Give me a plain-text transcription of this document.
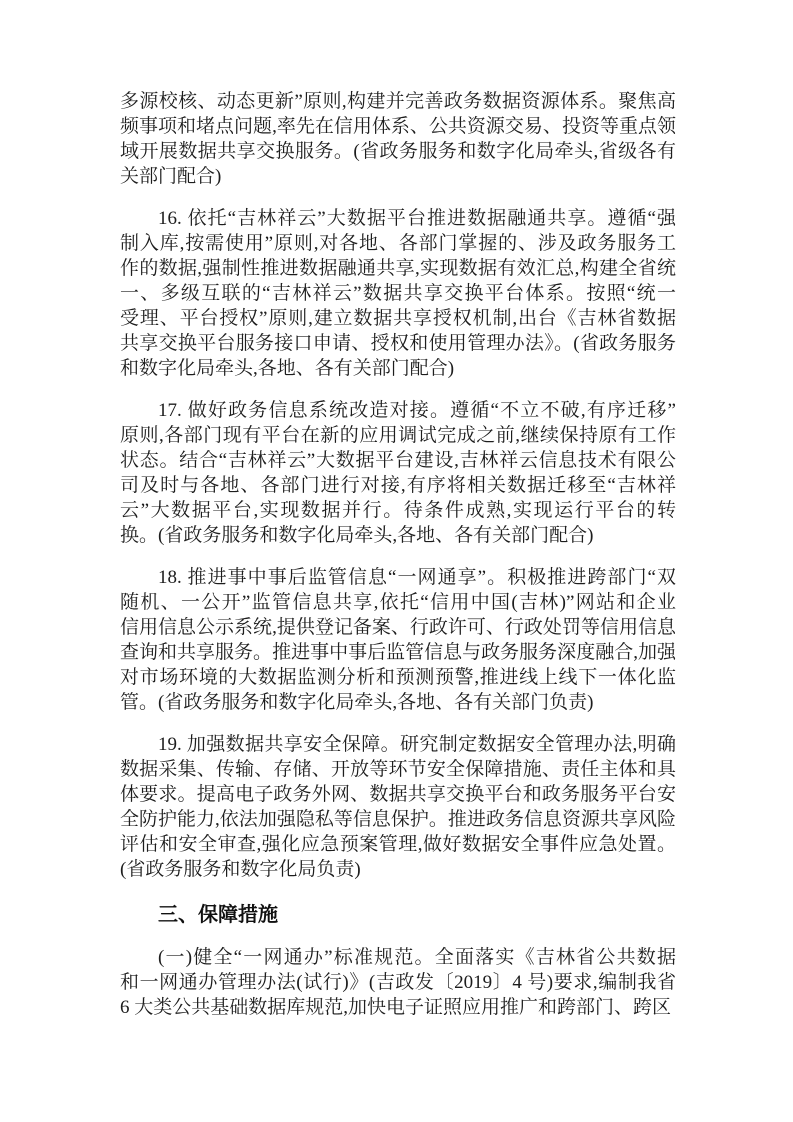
多源校核、动态更新”原则,构建并完善政务数据资源体系。聚焦高
频事项和堵点问题,率先在信用体系、公共资源交易、投资等重点领
域开展数据共享交换服务。(省政务服务和数字化局牵头,省级各有
关部门配合)
16. 依托“吉林祥云”大数据平台推进数据融通共享。遵循“强
制入库,按需使用”原则,对各地、各部门掌握的、涉及政务服务工
作的数据,强制性推进数据融通共享,实现数据有效汇总,构建全省统
一、多级互联的“吉林祥云”数据共享交换平台体系。按照“统一
受理、平台授权”原则,建立数据共享授权机制,出台《吉林省数据
共享交换平台服务接口申请、授权和使用管理办法》。(省政务服务
和数字化局牵头,各地、各有关部门配合)
17. 做好政务信息系统改造对接。遵循“不立不破,有序迁移”
原则,各部门现有平台在新的应用调试完成之前,继续保持原有工作
状态。结合“吉林祥云”大数据平台建设,吉林祥云信息技术有限公
司及时与各地、各部门进行对接,有序将相关数据迁移至“吉林祥
云”大数据平台,实现数据并行。待条件成熟,实现运行平台的转
换。(省政务服务和数字化局牵头,各地、各有关部门配合)
18. 推进事中事后监管信息“一网通享”。积极推进跨部门“双
随机、一公开”监管信息共享,依托“信用中国(吉林)”网站和企业
信用信息公示系统,提供登记备案、行政许可、行政处罚等信用信息
查询和共享服务。推进事中事后监管信息与政务服务深度融合,加强
对市场环境的大数据监测分析和预测预警,推进线上线下一体化监
管。(省政务服务和数字化局牵头,各地、各有关部门负责)
19. 加强数据共享安全保障。研究制定数据安全管理办法,明确
数据采集、传输、存储、开放等环节安全保障措施、责任主体和具
体要求。提高电子政务外网、数据共享交换平台和政务服务平台安
全防护能力,依法加强隐私等信息保护。推进政务信息资源共享风险
评估和安全审查,强化应急预案管理,做好数据安全事件应急处置。
(省政务服务和数字化局负责)
三、保障措施
(一)健全“一网通办”标准规范。全面落实《吉林省公共数据
和一网通办管理办法(试行)》(吉政发〔2019〕4 号)要求,编制我省
6 大类公共基础数据库规范,加快电子证照应用推广和跨部门、跨区
